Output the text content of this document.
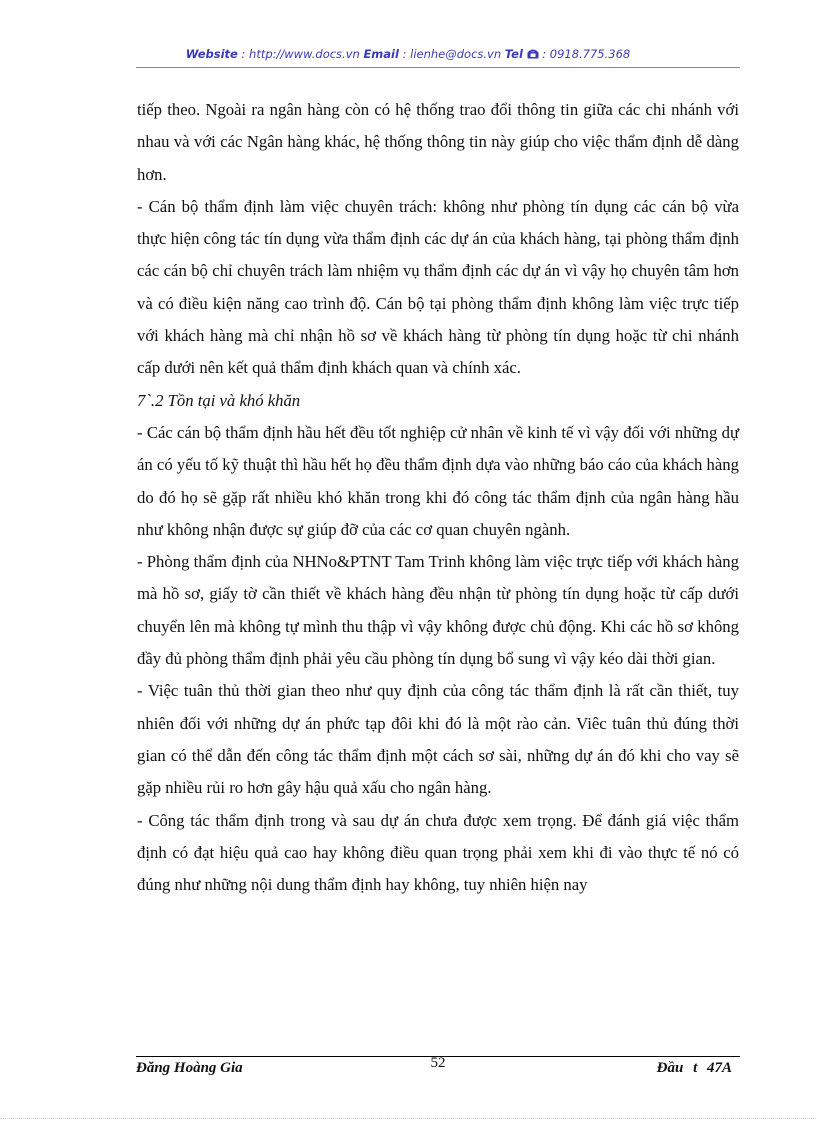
Website : http://www.docs.vn Email : lienhe@docs.vn Tel  : 0918.775.368

tiếp theo. Ngoài ra ngân hàng còn có hệ thống trao đổi thông tin giữa các chi nhánh với nhau và với các Ngân hàng khác, hệ thống thông tin này giúp cho việc thẩm định dễ dàng hơn.

- Cán bộ thẩm định làm việc chuyên trách: không như phòng tín dụng các cán bộ vừa thực hiện công tác tín dụng vừa thẩm định các dự án của khách hàng, tại phòng thẩm định các cán bộ chỉ chuyên trách làm nhiệm vụ thẩm định các dự án vì vậy họ chuyên tâm hơn và có điều kiện năng cao trình độ. Cán bộ tại phòng thẩm định không làm việc trực tiếp với khách hàng mà chỉ nhận hồ sơ về khách hàng từ phòng tín dụng hoặc từ chi nhánh cấp dưới nên kết quả thẩm định khách quan và chính xác.

7`.2 Tồn tại và khó khăn

- Các cán bộ thẩm định hầu hết đều tốt nghiệp cử nhân về kinh tế vì vậy đối với những dự án có yếu tố kỹ thuật thì hầu hết họ đều thẩm định dựa vào những báo cáo của khách hàng do đó họ sẽ gặp rất nhiều khó khăn trong khi đó công tác thẩm định của ngân hàng hầu như không nhận được sự giúp đỡ của các cơ quan chuyên ngành.

- Phòng thẩm định của NHNo&PTNT Tam Trinh không làm việc trực tiếp với khách hàng mà hồ sơ, giấy tờ cần thiết về khách hàng đều nhận từ phòng tín dụng hoặc từ cấp dưới chuyển lên mà không tự mình thu thập vì vậy không được chủ động. Khi các hồ sơ không đầy đủ phòng thẩm định phải yêu cầu phòng tín dụng bổ sung vì vậy kéo dài thời gian.

- Việc tuân thủ thời gian theo như quy định của công tác thẩm định là rất cần thiết, tuy nhiên đối với những dự án phức tạp đôi khi đó là một rào cản. Viêc tuân thủ đúng thời gian có thể dẫn đến công tác thẩm định một cách sơ sài, những dự án đó khi cho vay sẽ gặp nhiều rủi ro hơn gây hậu quả xấu cho ngân hàng.

- Công tác thẩm định trong và sau dự án chưa được xem trọng. Để đánh giá việc thẩm định có đạt hiệu quả cao hay không điều quan trọng phải xem khi đi vào thực tế nó có đúng như những nội dung thẩm định hay không, tuy nhiên hiện nay

Đăng Hoàng Gia	52	Đầu t 47A
